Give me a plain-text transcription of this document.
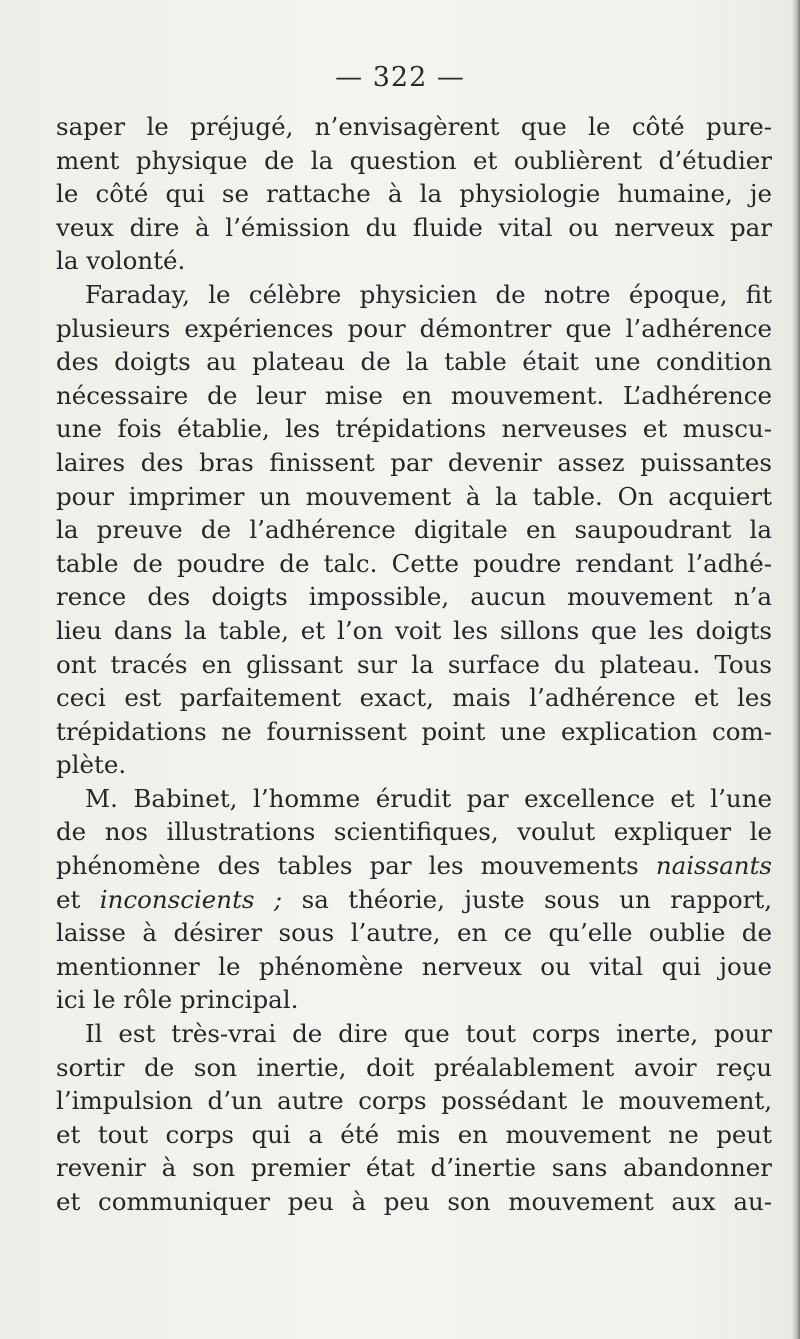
— 322 —
saper le préjugé, n’envisagèrent que le côté pure-
ment physique de la question et oublièrent d’étudier
le côté qui se rattache à la physiologie humaine, je
veux dire à l’émission du fluide vital ou nerveux par
la volonté.
Faraday, le célèbre physicien de notre époque, fit
plusieurs expériences pour démontrer que l’adhérence
des doigts au plateau de la table était une condition
nécessaire de leur mise en mouvement. L’adhérence
une fois établie, les trépidations nerveuses et muscu-
laires des bras finissent par devenir assez puissantes
pour imprimer un mouvement à la table. On acquiert
la preuve de l’adhérence digitale en saupoudrant la
table de poudre de talc. Cette poudre rendant l’adhé-
rence des doigts impossible, aucun mouvement n’a
lieu dans la table, et l’on voit les sillons que les doigts
ont tracés en glissant sur la surface du plateau. Tous
ceci est parfaitement exact, mais l’adhérence et les
trépidations ne fournissent point une explication com-
plète.
M. Babinet, l’homme érudit par excellence et l’une
de nos illustrations scientifiques, voulut expliquer le
phénomène des tables par les mouvements naissants
et inconscients ; sa théorie, juste sous un rapport,
laisse à désirer sous l’autre, en ce qu’elle oublie de
mentionner le phénomène nerveux ou vital qui joue
ici le rôle principal.
Il est très-vrai de dire que tout corps inerte, pour
sortir de son inertie, doit préalablement avoir reçu
l’impulsion d’un autre corps possédant le mouvement,
et tout corps qui a été mis en mouvement ne peut
revenir à son premier état d’inertie sans abandonner
et communiquer peu à peu son mouvement aux au-
